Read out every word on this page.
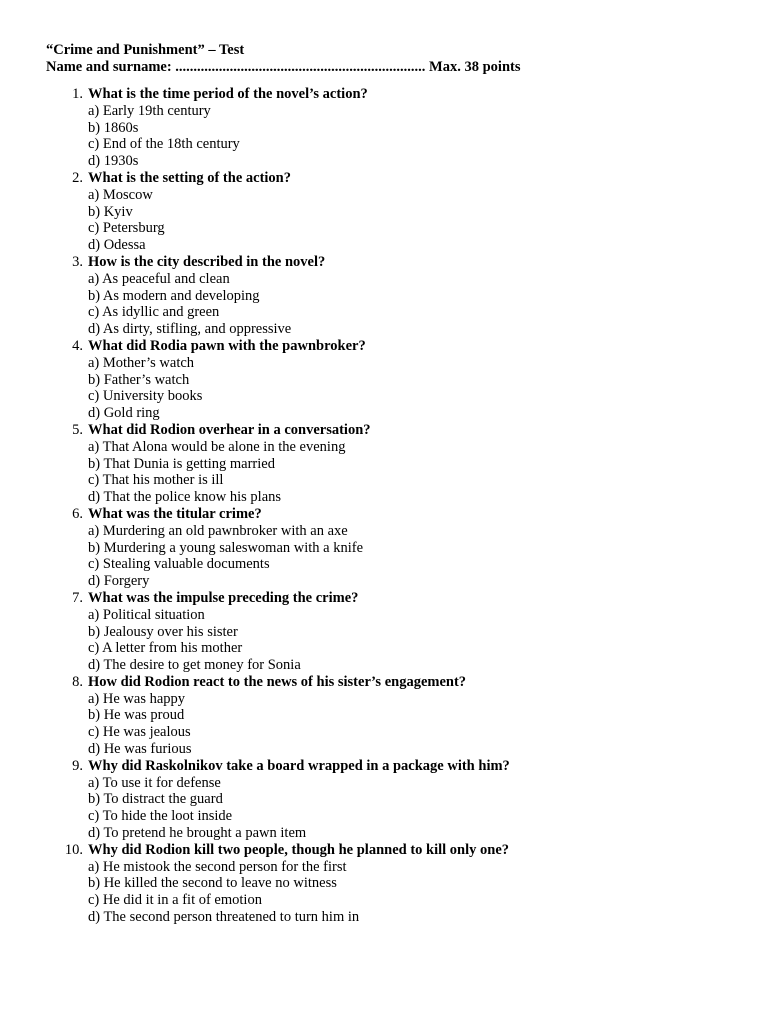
“Crime and Punishment” – Test
Name and surname: ..................................................................... Max. 38 points
1. What is the time period of the novel’s action?
a) Early 19th century
b) 1860s
c) End of the 18th century
d) 1930s
2. What is the setting of the action?
a) Moscow
b) Kyiv
c) Petersburg
d) Odessa
3. How is the city described in the novel?
a) As peaceful and clean
b) As modern and developing
c) As idyllic and green
d) As dirty, stifling, and oppressive
4. What did Rodia pawn with the pawnbroker?
a) Mother’s watch
b) Father’s watch
c) University books
d) Gold ring
5. What did Rodion overhear in a conversation?
a) That Alona would be alone in the evening
b) That Dunia is getting married
c) That his mother is ill
d) That the police know his plans
6. What was the titular crime?
a) Murdering an old pawnbroker with an axe
b) Murdering a young saleswoman with a knife
c) Stealing valuable documents
d) Forgery
7. What was the impulse preceding the crime?
a) Political situation
b) Jealousy over his sister
c) A letter from his mother
d) The desire to get money for Sonia
8. How did Rodion react to the news of his sister’s engagement?
a) He was happy
b) He was proud
c) He was jealous
d) He was furious
9. Why did Raskolnikov take a board wrapped in a package with him?
a) To use it for defense
b) To distract the guard
c) To hide the loot inside
d) To pretend he brought a pawn item
10. Why did Rodion kill two people, though he planned to kill only one?
a) He mistook the second person for the first
b) He killed the second to leave no witness
c) He did it in a fit of emotion
d) The second person threatened to turn him in
